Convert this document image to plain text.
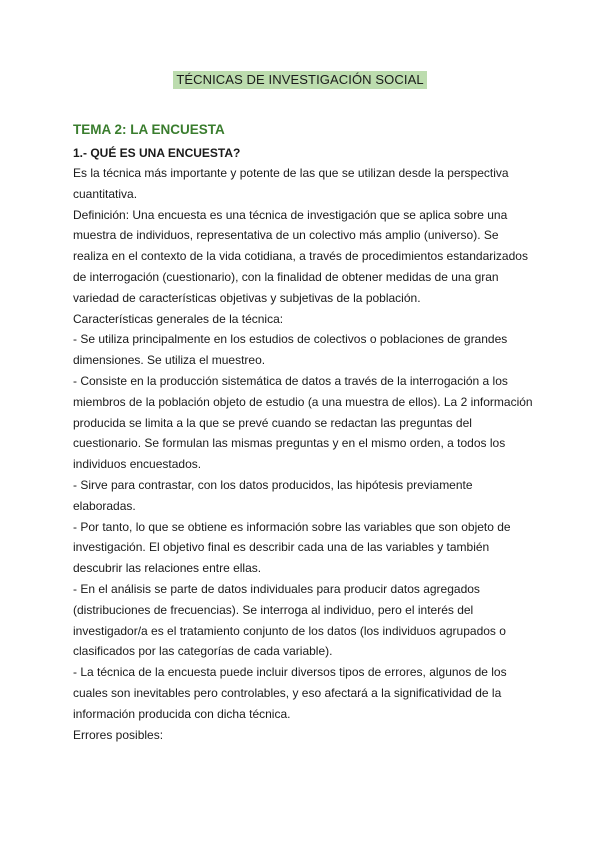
TÉCNICAS DE INVESTIGACIÓN SOCIAL

TEMA 2: LA ENCUESTA

1.- QUÉ ES UNA ENCUESTA?

Es la técnica más importante y potente de las que se utilizan desde la perspectiva cuantitativa.

Definición: Una encuesta es una técnica de investigación que se aplica sobre una muestra de individuos, representativa de un colectivo más amplio (universo). Se realiza en el contexto de la vida cotidiana, a través de procedimientos estandarizados de interrogación (cuestionario), con la finalidad de obtener medidas de una gran variedad de características objetivas y subjetivas de la población.

Características generales de la técnica:

- Se utiliza principalmente en los estudios de colectivos o poblaciones de grandes dimensiones. Se utiliza el muestreo.

- Consiste en la producción sistemática de datos a través de la interrogación a los miembros de la población objeto de estudio (a una muestra de ellos). La 2 información producida se limita a la que se prevé cuando se redactan las preguntas del cuestionario. Se formulan las mismas preguntas y en el mismo orden, a todos los individuos encuestados.

- Sirve para contrastar, con los datos producidos, las hipótesis previamente elaboradas.

- Por tanto, lo que se obtiene es información sobre las variables que son objeto de investigación. El objetivo final es describir cada una de las variables y también descubrir las relaciones entre ellas.

- En el análisis se parte de datos individuales para producir datos agregados (distribuciones de frecuencias). Se interroga al individuo, pero el interés del investigador/a es el tratamiento conjunto de los datos (los individuos agrupados o clasificados por las categorías de cada variable).

- La técnica de la encuesta puede incluir diversos tipos de errores, algunos de los cuales son inevitables pero controlables, y eso afectará a la significatividad de la información producida con dicha técnica.

Errores posibles:
